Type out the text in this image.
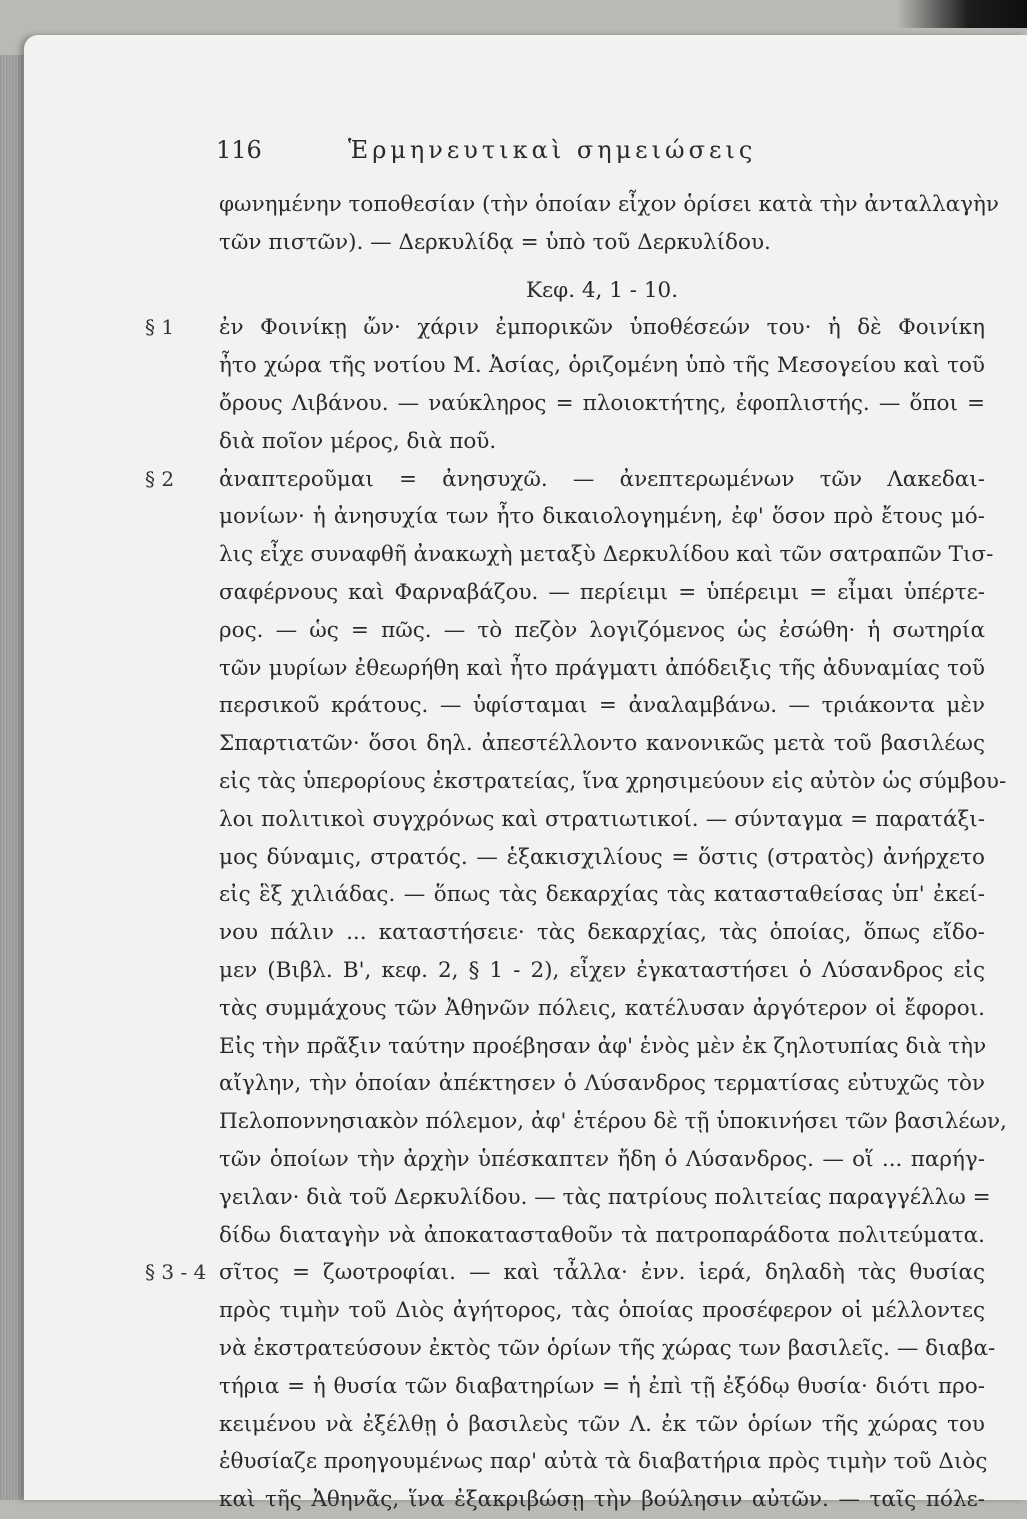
116	Ἑρμηνευτικαὶ σημειώσεις
φωνημένην τοποθεσίαν (τὴν ὁποίαν εἶχον ὁρίσει κατὰ τὴν ἀνταλλαγὴν
τῶν πιστῶν). — Δερκυλίδᾳ = ὑπὸ τοῦ Δερκυλίδου.
Κεφ. 4, 1 - 10.
§ 1 ἐν Φοινίκῃ ὤν· χάριν ἐμπορικῶν ὑποθέσεών του· ἡ δὲ Φοινίκη
ἦτο χώρα τῆς νοτίου Μ. Ἀσίας, ὁριζομένη ὑπὸ τῆς Μεσογείου καὶ τοῦ
ὄρους Λιβάνου. — ναύκληρος = πλοιοκτήτης, ἐφοπλιστής. — ὅποι =
διὰ ποῖον μέρος, διὰ ποῦ.
§ 2 ἀναπτεροῦμαι = ἀνησυχῶ. — ἀνεπτερωμένων τῶν Λακεδαι-
μονίων· ἡ ἀνησυχία των ἦτο δικαιολογημένη, ἐφ' ὅσον πρὸ ἔτους μό-
λις εἶχε συναφθῆ ἀνακωχὴ μεταξὺ Δερκυλίδου καὶ τῶν σατραπῶν Τισ-
σαφέρνους καὶ Φαρναβάζου. — περίειμι = ὑπέρειμι = εἶμαι ὑπέρτε-
ρος. — ὡς = πῶς. — τὸ πεζὸν λογιζόμενος ὡς ἐσώθη· ἡ σωτηρία
τῶν μυρίων ἐθεωρήθη καὶ ἦτο πράγματι ἀπόδειξις τῆς ἀδυναμίας τοῦ
περσικοῦ κράτους. — ὑφίσταμαι = ἀναλαμβάνω. — τριάκοντα μὲν
Σπαρτιατῶν· ὅσοι δηλ. ἀπεστέλλοντο κανονικῶς μετὰ τοῦ βασιλέως
εἰς τὰς ὑπερορίους ἐκστρατείας, ἵνα χρησιμεύουν εἰς αὐτὸν ὡς σύμβου-
λοι πολιτικοὶ συγχρόνως καὶ στρατιωτικοί. — σύνταγμα = παρατάξι-
μος δύναμις, στρατός. — ἑξακισχιλίους = ὅστις (στρατὸς) ἀνήρχετο
εἰς ἓξ χιλιάδας. — ὅπως τὰς δεκαρχίας τὰς κατασταθείσας ὑπ' ἐκεί-
νου πάλιν ... καταστήσειε· τὰς δεκαρχίας, τὰς ὁποίας, ὅπως εἴδο-
μεν (Βιβλ. Β', κεφ. 2, § 1 - 2), εἶχεν ἐγκαταστήσει ὁ Λύσανδρος εἰς
τὰς συμμάχους τῶν Ἀθηνῶν πόλεις, κατέλυσαν ἀργότερον οἱ ἔφοροι.
Εἰς τὴν πρᾶξιν ταύτην προέβησαν ἀφ' ἑνὸς μὲν ἐκ ζηλοτυπίας διὰ τὴν
αἴγλην, τὴν ὁποίαν ἀπέκτησεν ὁ Λύσανδρος τερματίσας εὐτυχῶς τὸν
Πελοποννησιακὸν πόλεμον, ἀφ' ἑτέρου δὲ τῇ ὑποκινήσει τῶν βασιλέων,
τῶν ὁποίων τὴν ἀρχὴν ὑπέσκαπτεν ἤδη ὁ Λύσανδρος. — οἵ ... παρήγ-
γειλαν· διὰ τοῦ Δερκυλίδου. — τὰς πατρίους πολιτείας παραγγέλλω =
δίδω διαταγὴν νὰ ἀποκατασταθοῦν τὰ πατροπαράδοτα πολιτεύματα.
§ 3 - 4 σῖτος = ζωοτροφίαι. — καὶ τἆλλα· ἐνν. ἱερά, δηλαδὴ τὰς θυσίας
πρὸς τιμὴν τοῦ Διὸς ἀγήτορος, τὰς ὁποίας προσέφερον οἱ μέλλοντες
νὰ ἐκστρατεύσουν ἐκτὸς τῶν ὁρίων τῆς χώρας των βασιλεῖς. — διαβα-
τήρια = ἡ θυσία τῶν διαβατηρίων = ἡ ἐπὶ τῇ ἐξόδῳ θυσία· διότι προ-
κειμένου νὰ ἐξέλθῃ ὁ βασιλεὺς τῶν Λ. ἐκ τῶν ὁρίων τῆς χώρας του
ἐθυσίαζε προηγουμένως παρ' αὐτὰ τὰ διαβατήρια πρὸς τιμὴν τοῦ Διὸς
καὶ τῆς Ἀθηνᾶς, ἵνα ἐξακριβώσῃ τὴν βούλησιν αὐτῶν. — ταῖς πόλε-
